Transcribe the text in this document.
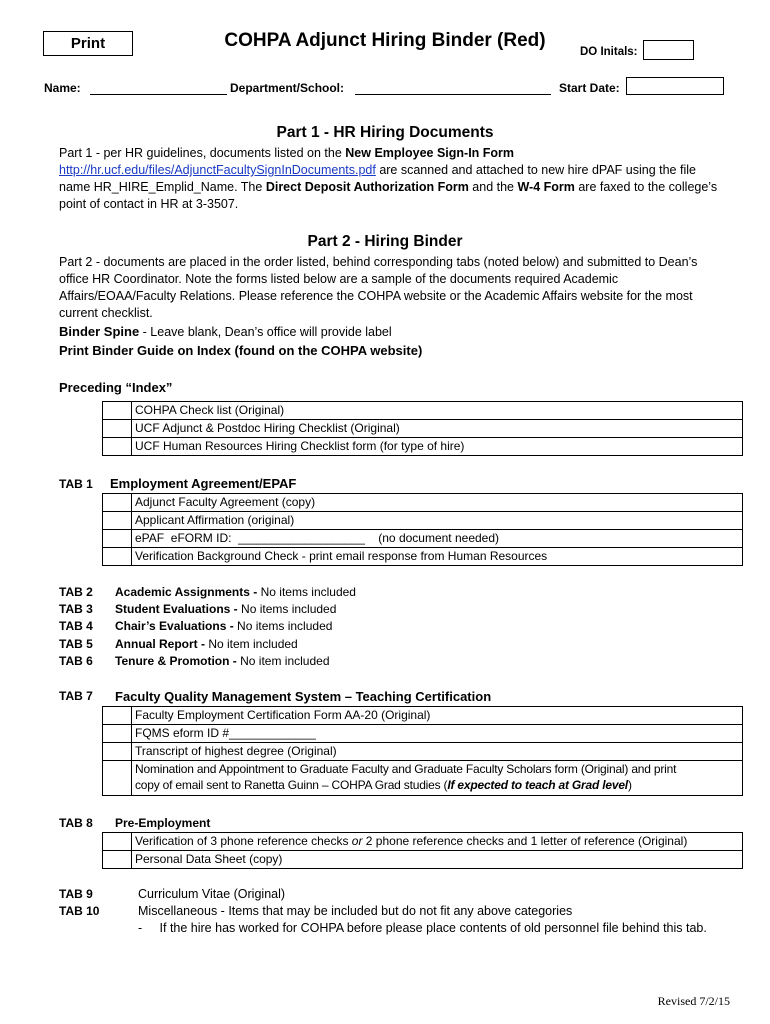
Print	COHPA Adjunct Hiring Binder (Red)
DO Initals:
Name:	Department/School:	Start Date:
Part 1 - HR Hiring Documents
Part 1 - per HR guidelines, documents listed on the New Employee Sign-In Form
http://hr.ucf.edu/files/AdjunctFacultySignInDocuments.pdf are scanned and attached to new hire dPAF using the file
name HR_HIRE_Emplid_Name. The Direct Deposit Authorization Form and the W-4 Form are faxed to the college’s
point of contact in HR at 3-3507.
Part 2 - Hiring Binder
Part 2 - documents are placed in the order listed, behind corresponding tabs (noted below) and submitted to Dean’s
office HR Coordinator. Note the forms listed below are a sample of the documents required Academic
Affairs/EOAA/Faculty Relations. Please reference the COHPA website or the Academic Affairs website for the most
current checklist.
Binder Spine - Leave blank, Dean’s office will provide label
Print Binder Guide on Index (found on the COHPA website)
Preceding “Index”
	COHPA Check list (Original)
	UCF Adjunct & Postdoc Hiring Checklist (Original)
	UCF Human Resources Hiring Checklist form (for type of hire)
TAB 1 Employment Agreement/EPAF
	Adjunct Faculty Agreement (copy)
	Applicant Affirmation (original)
	ePAF  eFORM ID:  ___________________    (no document needed)
	Verification Background Check - print email response from Human Resources
TAB 2 Academic Assignments - No items included
TAB 3 Student Evaluations - No items included
TAB 4 Chair’s Evaluations - No items included
TAB 5 Annual Report - No item included
TAB 6 Tenure & Promotion - No item included
TAB 7 Faculty Quality Management System – Teaching Certification
	Faculty Employment Certification Form AA-20 (Original)
	FQMS eform ID #_____________
	Transcript of highest degree (Original)

	Nomination and Appointment to Graduate Faculty and Graduate Faculty Scholars form (Original) and print
copy of email sent to Ranetta Guinn – COHPA Grad studies (If expected to teach at Grad level)
TAB 8 Pre-Employment
	Verification of 3 phone reference checks or 2 phone reference checks and 1 letter of reference (Original)
	Personal Data Sheet (copy)
TAB 9	Curriculum Vitae (Original)
TAB 10	Miscellaneous - Items that may be included but do not fit any above categories
-     If the hire has worked for COHPA before please place contents of old personnel file behind this tab.
Revised 7/2/15
